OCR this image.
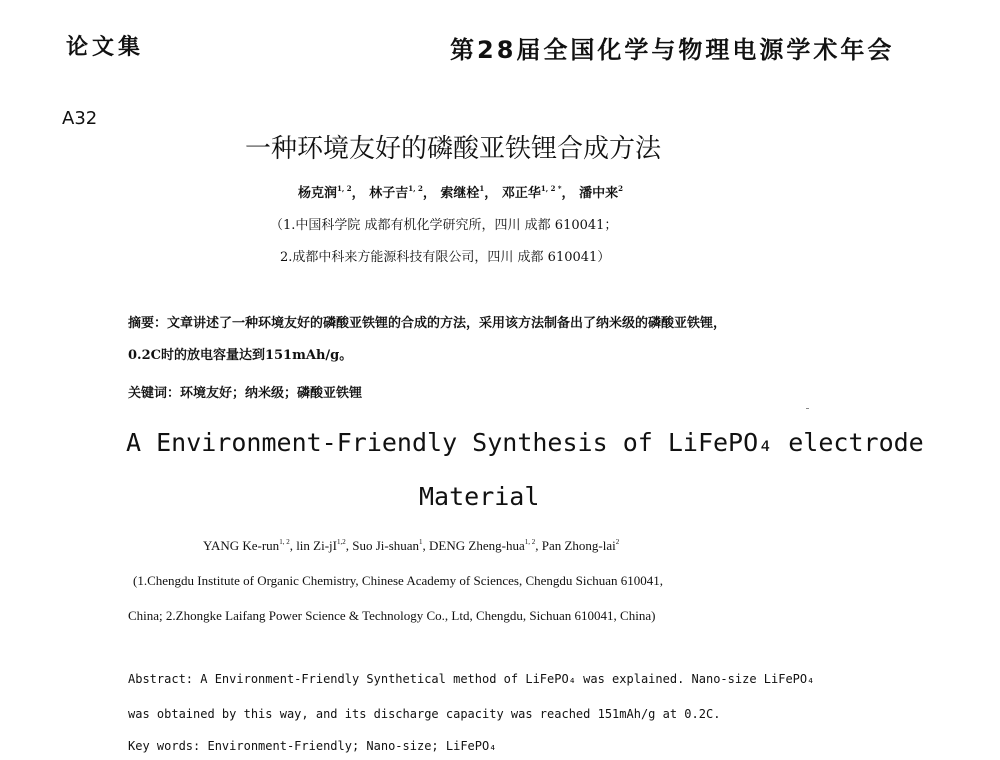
论文集	第28届全国化学与物理电源学术年会
A32
一种环境友好的磷酸亚铁锂合成方法
杨克润$^{1, 2}$， 林子吉$^{1, 2}$， 索继栓$^1$， 邓正华$^{1, 2 *}$， 潘中来$^2$
（1.中国科学院 成都有机化学研究所，四川 成都 610041；
2.成都中科来方能源科技有限公司，四川 成都 610041）
摘要：文章讲述了一种环境友好的磷酸亚铁锂的合成的方法，采用该方法制备出了纳米级的磷酸亚铁锂，
0.2C时的放电容量达到151mAh/g。
关键词：环境友好；纳米级；磷酸亚铁锂
A Environment-Friendly Synthesis of LiFePO₄ electrode
Material
YANG Ke-run$^{1, 2}$, lin Zi-jI$^{1,2}$, Suo Ji-shuan$^1$, DENG Zheng-hua$^{1, 2}$, Pan Zhong-lai$^2$
(1.Chengdu Institute of Organic Chemistry, Chinese Academy of Sciences, Chengdu Sichuan 610041,
China; 2.Zhongke Laifang Power Science & Technology Co., Ltd, Chengdu, Sichuan 610041, China)
Abstract: A Environment-Friendly Synthetical method of LiFePO₄ was explained. Nano-size LiFePO₄
was obtained by this way, and its discharge capacity was reached 151mAh/g at 0.2C.
Key words: Environment-Friendly; Nano-size; LiFePO₄
